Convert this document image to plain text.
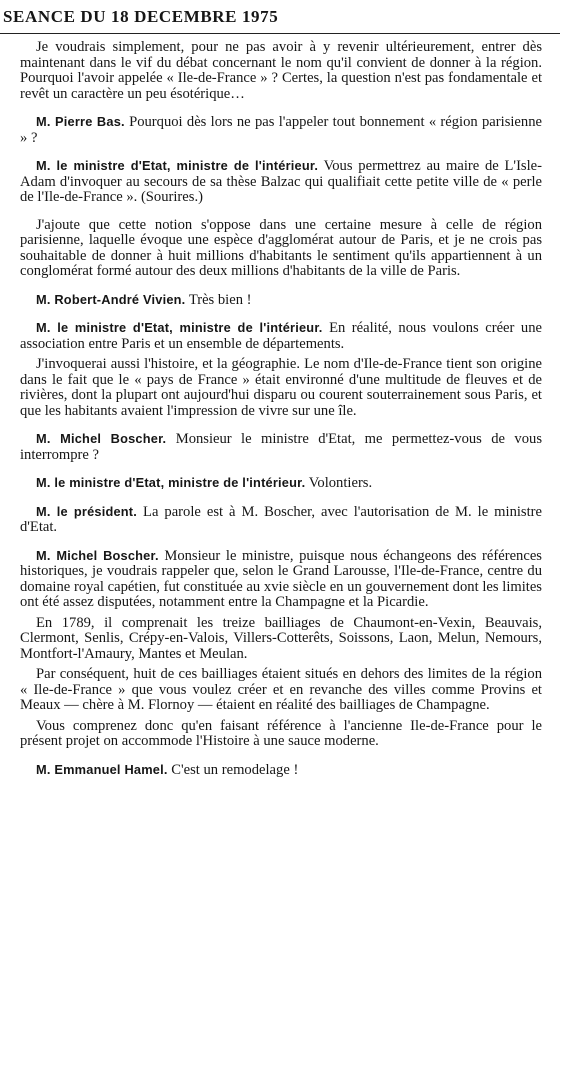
SEANCE DU 18 DECEMBRE 1975

Je voudrais simplement, pour ne pas avoir à y revenir ultérieurement, entrer dès maintenant dans le vif du débat concernant le nom qu'il convient de donner à la région. Pourquoi l'avoir appelée « Ile-de-France » ? Certes, la question n'est pas fondamentale et revêt un caractère un peu ésotérique…

M. Pierre Bas. Pourquoi dès lors ne pas l'appeler tout bonnement « région parisienne » ?

M. le ministre d'Etat, ministre de l'intérieur. Vous permettrez au maire de L'Isle-Adam d'invoquer au secours de sa thèse Balzac qui qualifiait cette petite ville de « perle de l'Ile-de-France ». (Sourires.)

J'ajoute que cette notion s'oppose dans une certaine mesure à celle de région parisienne, laquelle évoque une espèce d'agglomérat autour de Paris, et je ne crois pas souhaitable de donner à huit millions d'habitants le sentiment qu'ils appartiennent à un conglomérat formé autour des deux millions d'habitants de la ville de Paris.

M. Robert-André Vivien. Très bien !

M. le ministre d'Etat, ministre de l'intérieur. En réalité, nous voulons créer une association entre Paris et un ensemble de départements.

J'invoquerai aussi l'histoire, et la géographie. Le nom d'Ile-de-France tient son origine dans le fait que le « pays de France » était environné d'une multitude de fleuves et de rivières, dont la plupart ont aujourd'hui disparu ou courent souterrainement sous Paris, et que les habitants avaient l'impression de vivre sur une île.

M. Michel Boscher. Monsieur le ministre d'Etat, me permettez-vous de vous interrompre ?

M. le ministre d'Etat, ministre de l'intérieur. Volontiers.

M. le président. La parole est à M. Boscher, avec l'autorisation de M. le ministre d'Etat.

M. Michel Boscher. Monsieur le ministre, puisque nous échangeons des références historiques, je voudrais rappeler que, selon le Grand Larousse, l'Ile-de-France, centre du domaine royal capétien, fut constituée au xvie siècle en un gouvernement dont les limites ont été assez disputées, notamment entre la Champagne et la Picardie.

En 1789, il comprenait les treize bailliages de Chaumont-en-Vexin, Beauvais, Clermont, Senlis, Crépy-en-Valois, Villers-Cotterêts, Soissons, Laon, Melun, Nemours, Montfort-l'Amaury, Mantes et Meulan.

Par conséquent, huit de ces bailliages étaient situés en dehors des limites de la région « Ile-de-France » que vous voulez créer et en revanche des villes comme Provins et Meaux — chère à M. Flornoy — étaient en réalité des bailliages de Champagne.

Vous comprenez donc qu'en faisant référence à l'ancienne Ile-de-France pour le présent projet on accommode l'Histoire à une sauce moderne.

M. Emmanuel Hamel. C'est un remodelage !
